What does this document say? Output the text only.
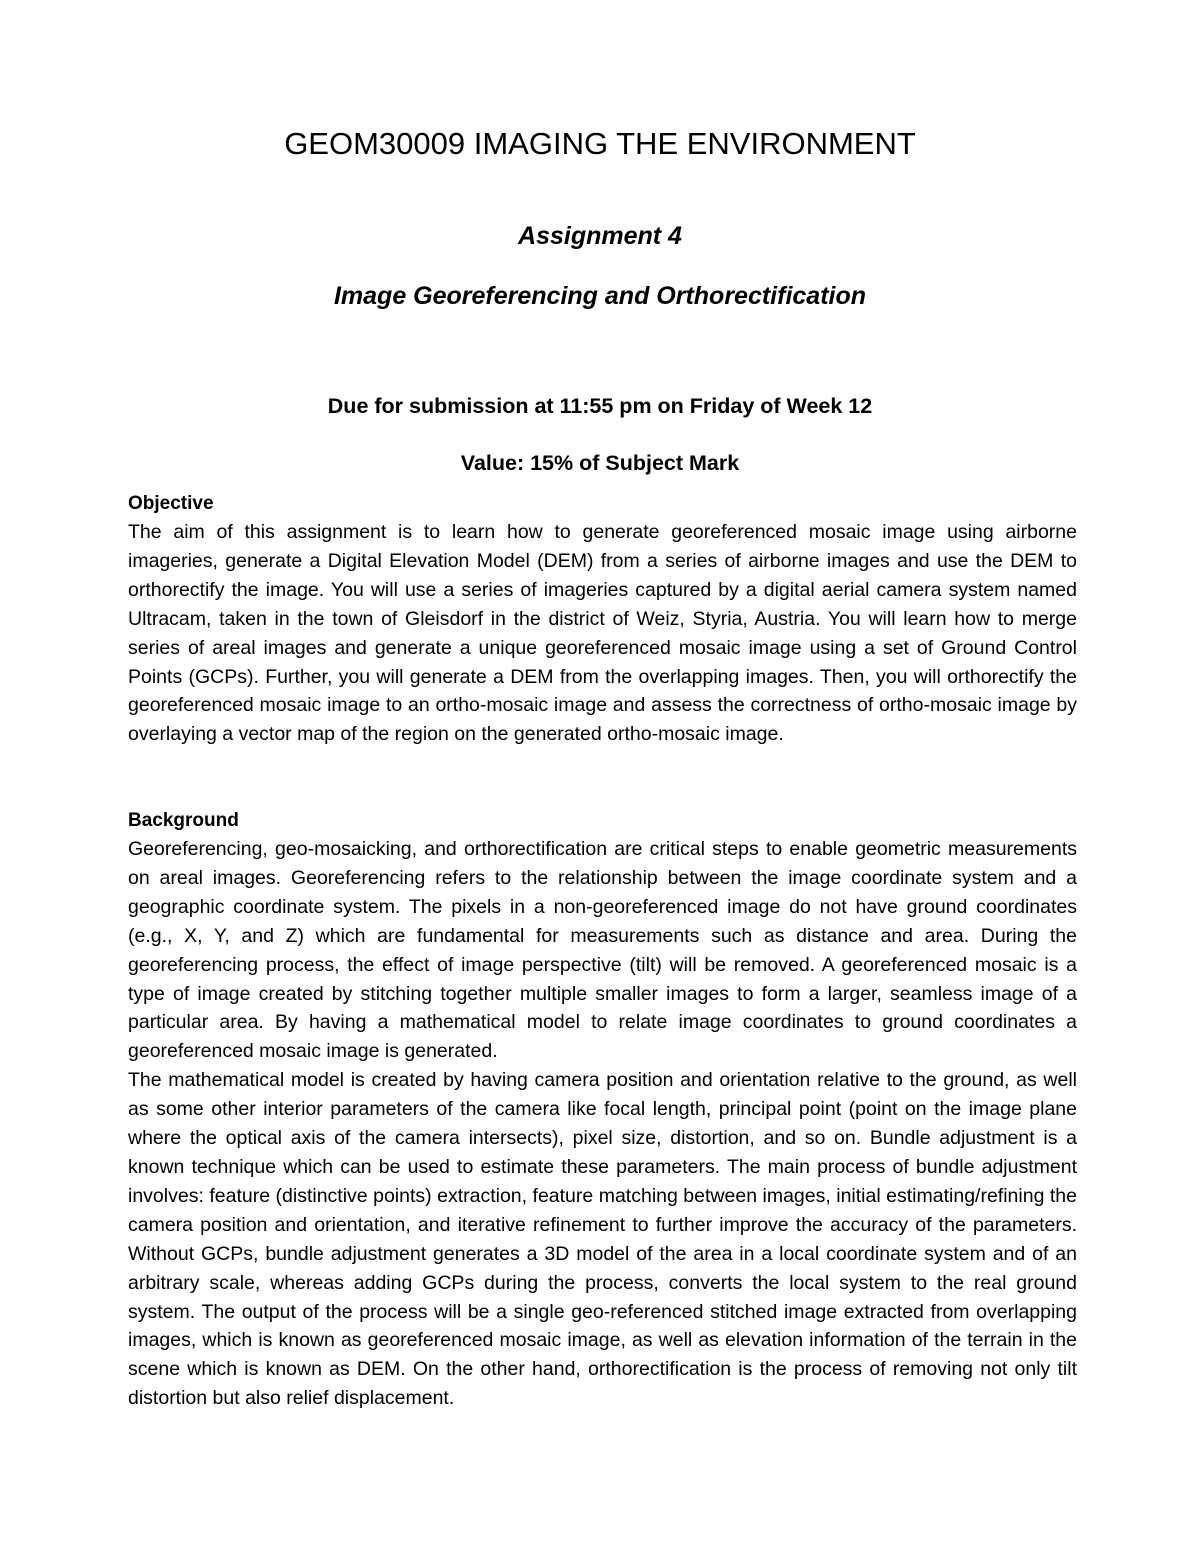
GEOM30009 IMAGING THE ENVIRONMENT

Assignment 4

Image Georeferencing and Orthorectification

Due for submission at 11:55 pm on Friday of Week 12

Value: 15% of Subject Mark

Objective

The aim of this assignment is to learn how to generate georeferenced mosaic image using airborne imageries, generate a Digital Elevation Model (DEM) from a series of airborne images and use the DEM to orthorectify the image. You will use a series of imageries captured by a digital aerial camera system named Ultracam, taken in the town of Gleisdorf in the district of Weiz, Styria, Austria. You will learn how to merge series of areal images and generate a unique georeferenced mosaic image using a set of Ground Control Points (GCPs). Further, you will generate a DEM from the overlapping images. Then, you will orthorectify the georeferenced mosaic image to an ortho-mosaic image and assess the correctness of ortho-mosaic image by overlaying a vector map of the region on the generated ortho-mosaic image.

Background

Georeferencing, geo-mosaicking, and orthorectification are critical steps to enable geometric measurements on areal images. Georeferencing refers to the relationship between the image coordinate system and a geographic coordinate system. The pixels in a non-georeferenced image do not have ground coordinates (e.g., X, Y, and Z) which are fundamental for measurements such as distance and area. During the georeferencing process, the effect of image perspective (tilt) will be removed. A georeferenced mosaic is a type of image created by stitching together multiple smaller images to form a larger, seamless image of a particular area. By having a mathematical model to relate image coordinates to ground coordinates a georeferenced mosaic image is generated.

The mathematical model is created by having camera position and orientation relative to the ground, as well as some other interior parameters of the camera like focal length, principal point (point on the image plane where the optical axis of the camera intersects), pixel size, distortion, and so on. Bundle adjustment is a known technique which can be used to estimate these parameters. The main process of bundle adjustment involves: feature (distinctive points) extraction, feature matching between images, initial estimating/refining the camera position and orientation, and iterative refinement to further improve the accuracy of the parameters. Without GCPs, bundle adjustment generates a 3D model of the area in a local coordinate system and of an arbitrary scale, whereas adding GCPs during the process, converts the local system to the real ground system. The output of the process will be a single geo-referenced stitched image extracted from overlapping images, which is known as georeferenced mosaic image, as well as elevation information of the terrain in the scene which is known as DEM. On the other hand, orthorectification is the process of removing not only tilt distortion but also relief displacement.
